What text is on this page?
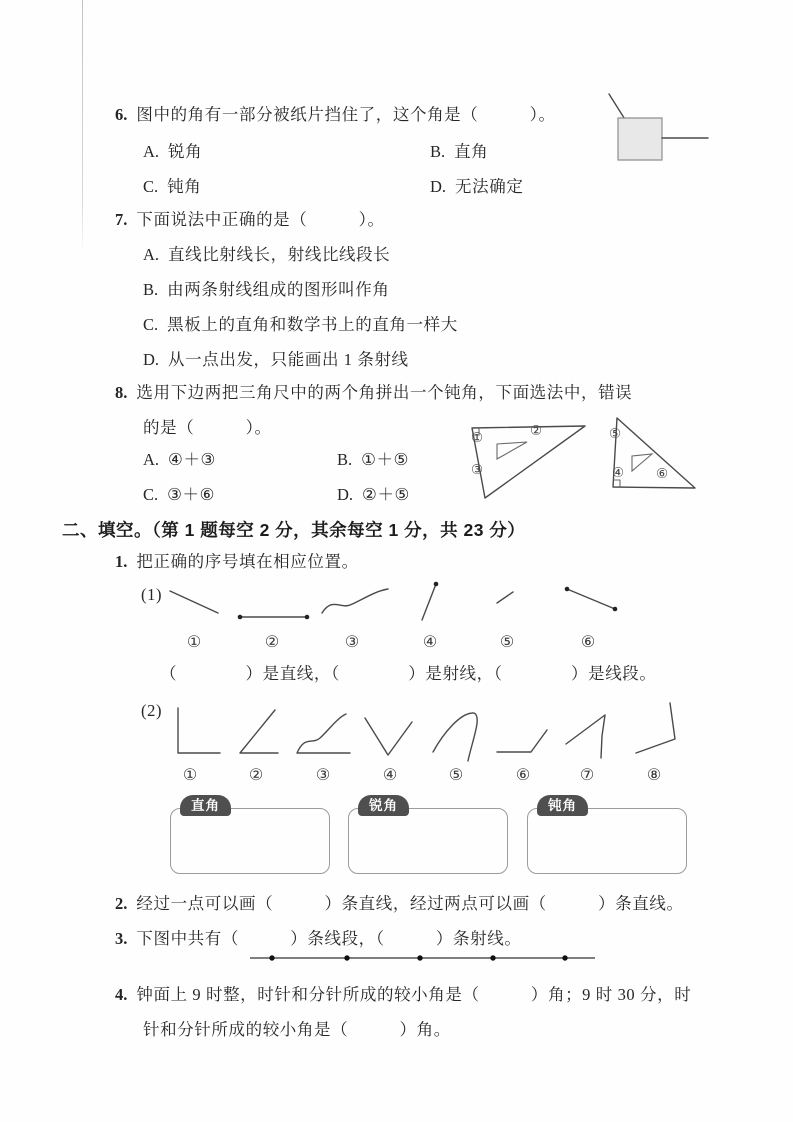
6. 图中的角有一部分被纸片挡住了，这个角是（　　　）。
A. 锐角	B. 直角
C. 钝角	D. 无法确定
7. 下面说法中正确的是（　　　）。
A. 直线比射线长，射线比线段长
B. 由两条射线组成的图形叫作角
C. 黑板上的直角和数学书上的直角一样大
D. 从一点出发，只能画出 1 条射线
8. 选用下边两把三角尺中的两个角拼出一个钝角，下面选法中，错误
的是（　　　）。
A. ④＋③	B. ①＋⑤
C. ③＋⑥	D. ②＋⑤
①	②
③
⑤
④ ⑥
二、填空。（第 1 题每空 2 分，其余每空 1 分，共 23 分）
1. 把正确的序号填在相应位置。
(1)
①	②	③	④	⑤	⑥
（　　　　）是直线，（　　　　）是射线，（　　　　）是线段。
(2)
①	②	③	④	⑤	⑥	⑦	⑧
直角	锐角	钝角
2. 经过一点可以画（　　　）条直线，经过两点可以画（　　　）条直线。
3. 下图中共有（　　　）条线段，（　　　）条射线。
4. 钟面上 9 时整，时针和分针所成的较小角是（　　　）角；9 时 30 分，时
针和分针所成的较小角是（　　　）角。
